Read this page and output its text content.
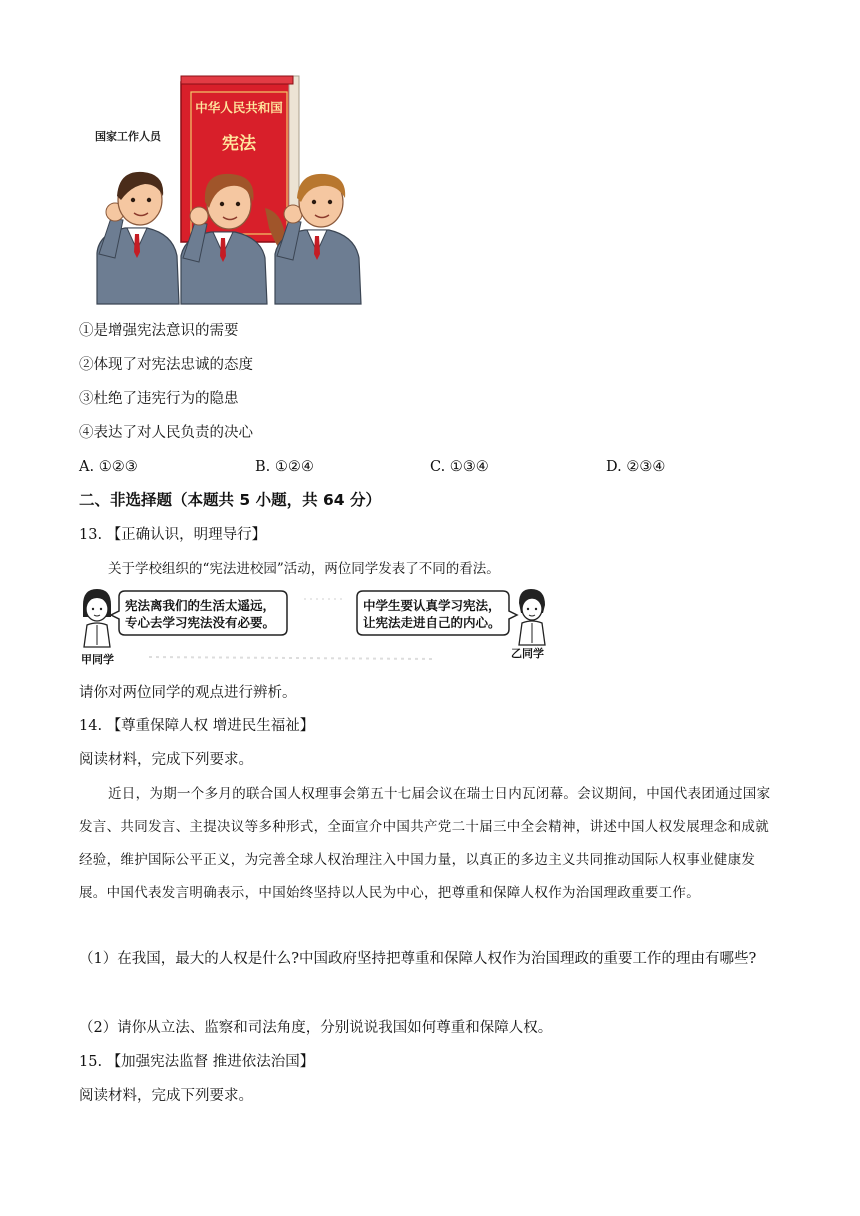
中华人民共和国
宪法
国家工作人员
①是增强宪法意识的需要
②体现了对宪法忠诚的态度
③杜绝了违宪行为的隐患
④表达了对人民负责的决心
A. ①②③	B. ①②④	C. ①③④	D. ②③④
二、非选择题（本题共 5 小题，共 64 分）
13. 【正确认识，明理导行】
关于学校组织的“宪法进校园”活动，两位同学发表了不同的看法。
宪法离我们的生活太遥远，
专心去学习宪法没有必要。
中学生要认真学习宪法，
让宪法走进自己的内心。
甲同学	乙同学
请你对两位同学的观点进行辨析。
14. 【尊重保障人权 增进民生福祉】
阅读材料，完成下列要求。
近日，为期一个多月的联合国人权理事会第五十七届会议在瑞士日内瓦闭幕。会议期间，中国代表团通过国家发言、共同发言、主提决议等多种形式，全面宣介中国共产党二十届三中全会精神，讲述中国人权发展理念和成就经验，维护国际公平正义，为完善全球人权治理注入中国力量，以真正的多边主义共同推动国际人权事业健康发展。中国代表发言明确表示，中国始终坚持以人民为中心，把尊重和保障人权作为治国理政重要工作。
（1）在我国，最大的人权是什么?中国政府坚持把尊重和保障人权作为治国理政的重要工作的理由有哪些?
（2）请你从立法、监察和司法角度，分别说说我国如何尊重和保障人权。
15. 【加强宪法监督 推进依法治国】
阅读材料，完成下列要求。
